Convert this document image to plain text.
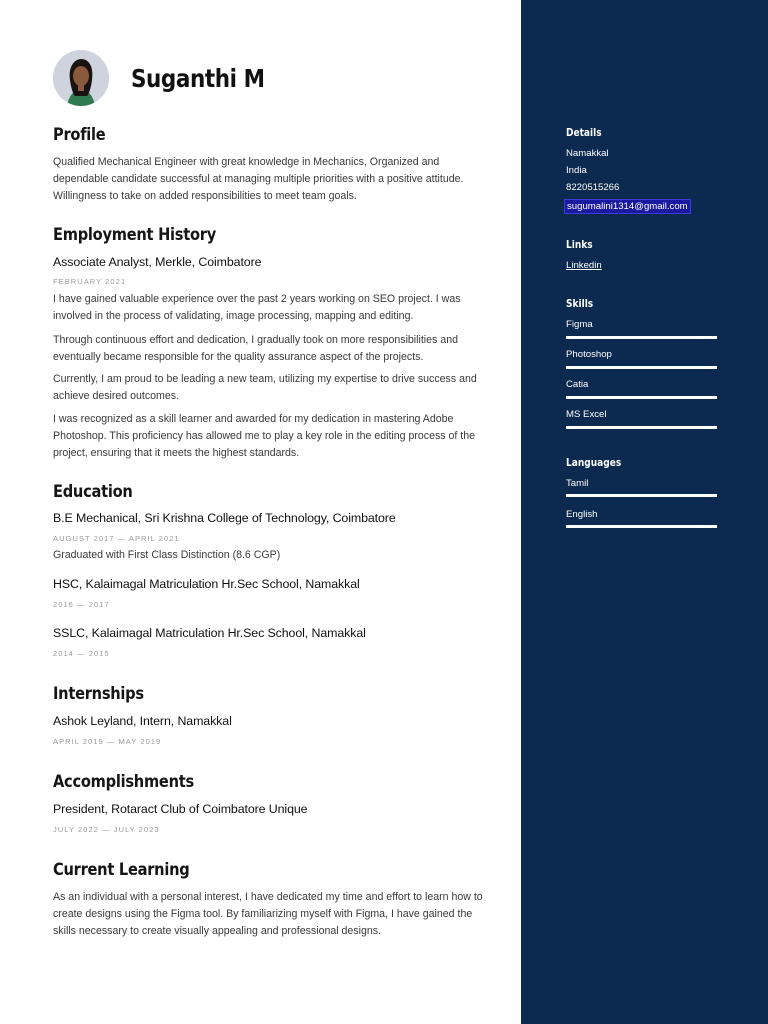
Suganthi M
Profile
Qualified Mechanical Engineer with great knowledge in Mechanics, Organized and dependable candidate successful at managing multiple priorities with a positive attitude. Willingness to take on added responsibilities to meet team goals.
Employment History
Associate Analyst, Merkle, Coimbatore
FEBRUARY 2021
I have gained valuable experience over the past 2 years working on SEO project. I was involved in the process of validating, image processing, mapping and editing.
Through continuous effort and dedication, I gradually took on more responsibilities and eventually became responsible for the quality assurance aspect of the projects.
Currently, I am proud to be leading a new team, utilizing my expertise to drive success and achieve desired outcomes.
I was recognized as a skill learner and awarded for my dedication in mastering Adobe Photoshop. This proficiency has allowed me to play a key role in the editing process of the project, ensuring that it meets the highest standards.
Education
B.E Mechanical, Sri Krishna College of Technology, Coimbatore
AUGUST 2017 — APRIL 2021
Graduated with First Class Distinction (8.6 CGP)
HSC, Kalaimagal Matriculation Hr.Sec School, Namakkal
2016 — 2017
SSLC, Kalaimagal Matriculation Hr.Sec School, Namakkal
2014 — 2015
Internships
Ashok Leyland, Intern, Namakkal
APRIL 2019 — MAY 2019
Accomplishments
President, Rotaract Club of Coimbatore Unique
JULY 2022 — JULY 2023
Current Learning
As an individual with a personal interest, I have dedicated my time and effort to learn how to create designs using the Figma tool. By familiarizing myself with Figma, I have gained the skills necessary to create visually appealing and professional designs.
Details
Namakkal
India
8220515266
sugumalini1314@gmail.com
Links
Linkedin
Skills
Figma
Photoshop
Catia
MS Excel
Languages
Tamil
English
